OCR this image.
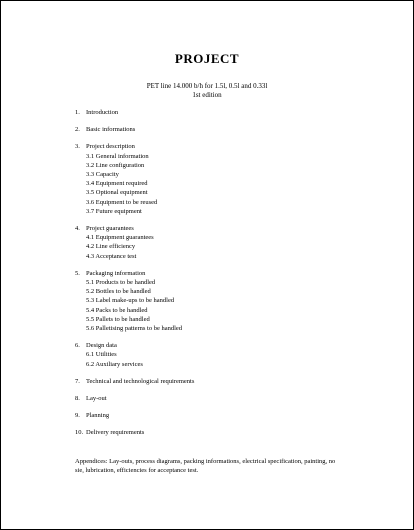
PROJECT
PET line 14.000 b/h for 1.5l, 0.5l and 0.33l
1st edition
1. Introduction
2. Basic informations
3. Project description
3.1 General information
3.2 Line configuration
3.3 Capacity
3.4 Equipment required
3.5 Optional equipment
3.6 Equipment to be reused
3.7 Future equipment
4. Project guarantees
4.1 Equipment guarantees
4.2 Line efficiency
4.3 Acceptance test
5. Packaging information
5.1 Products to be handled
5.2 Bottles to be handled
5.3 Label make-ups to be handled
5.4 Packs to be handled
5.5 Pallets to be handled
5.6 Palletising patterns to be handled
6. Design data
6.1 Utilities
6.2 Auxiliary services
7. Technical and technological requirements
8. Lay-out
9. Planning
10. Delivery requirements
Appendices: Lay-outs, process diagrams, packing informations, electrical specification, painting, no sie, lubrication, efficiencies for acceptance test.
